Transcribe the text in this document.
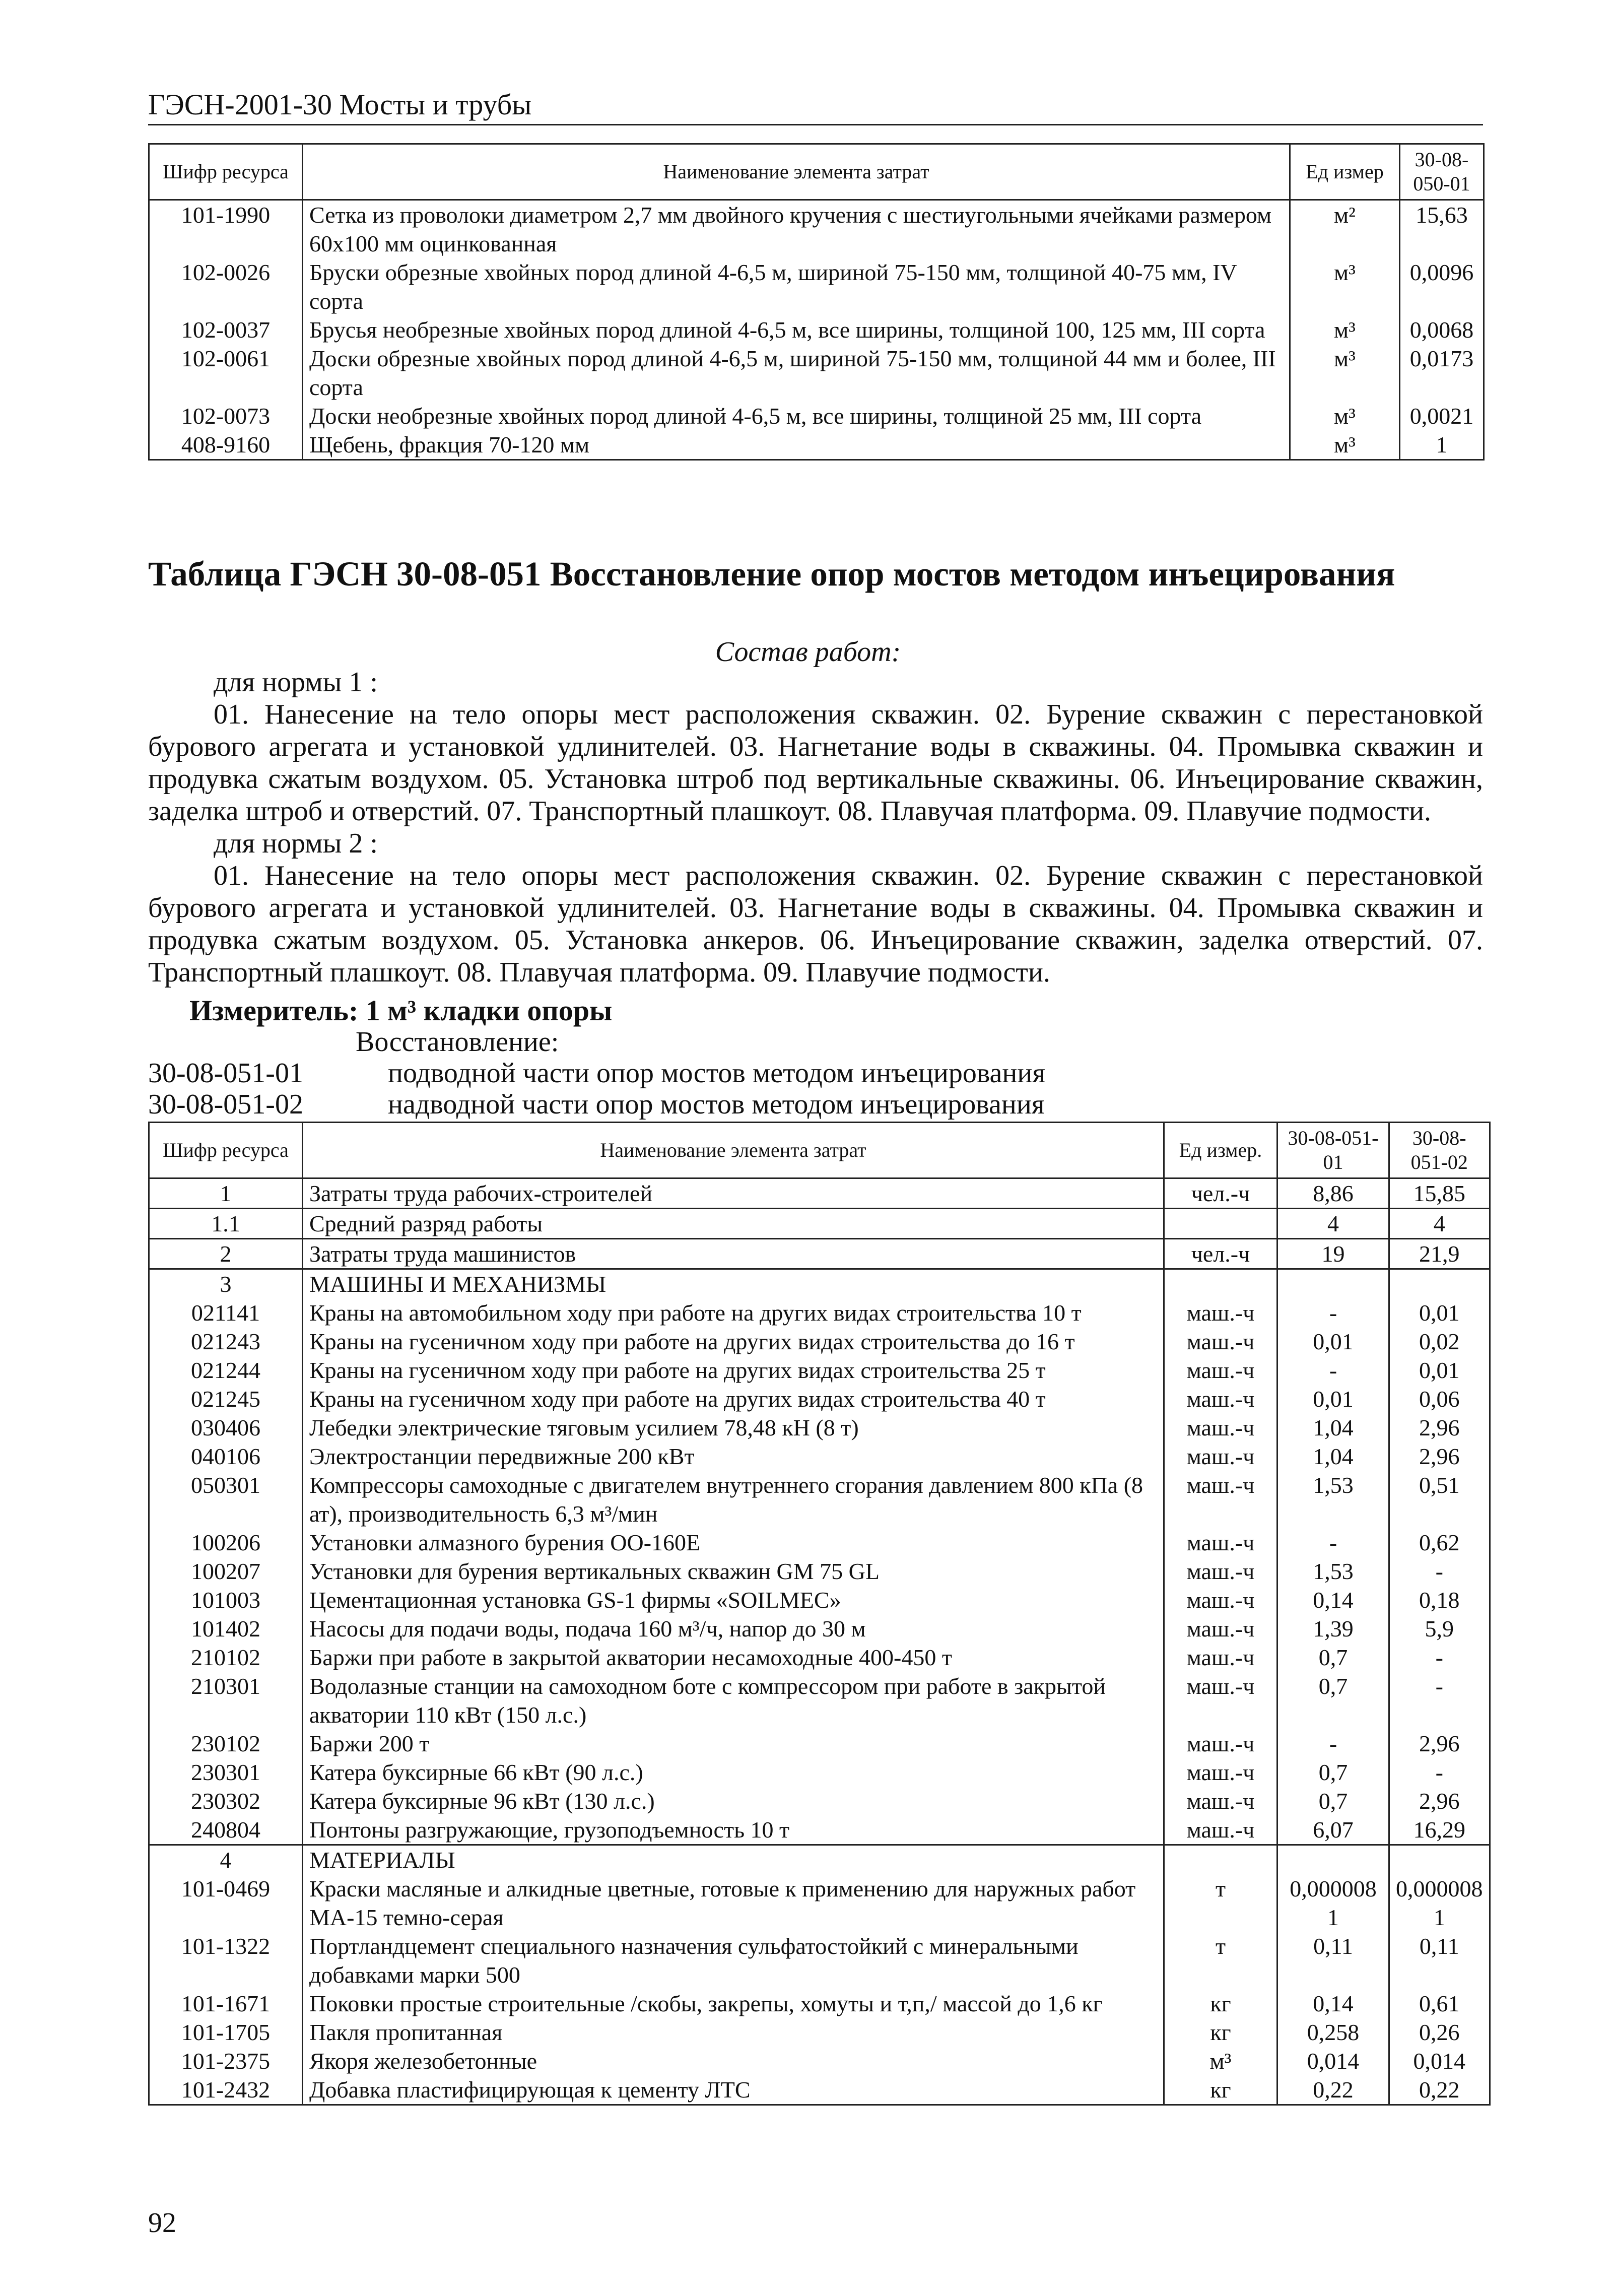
ГЭСН-2001-30 Мосты и трубы
Шифр ресурса	Наименование элемента затрат	Ед измер	30-08-050-01
101-1990	Сетка из проволоки диаметром 2,7 мм двойного кручения с шестиугольными ячейками размером 60х100 мм оцинкованная	м²	15,63
102-0026	Бруски обрезные хвойных пород длиной 4-6,5 м, шириной 75-150 мм, толщиной 40-75 мм, IV сорта	м³	0,0096
102-0037	Брусья необрезные хвойных пород длиной 4-6,5 м, все ширины, толщиной 100, 125 мм, III сорта	м³	0,0068
102-0061	Доски обрезные хвойных пород длиной 4-6,5 м, шириной 75-150 мм, толщиной 44 мм и более, III сорта	м³	0,0173
102-0073	Доски необрезные хвойных пород длиной 4-6,5 м, все ширины, толщиной 25 мм, III сорта	м³	0,0021
408-9160	Щебень, фракция 70-120 мм	м³	1
Таблица ГЭСН 30-08-051 Восстановление опор мостов методом инъецирования
Состав работ:
для нормы 1 :
01. Нанесение на тело опоры мест расположения скважин. 02. Бурение скважин с перестановкой бурового агрегата и установкой удлинителей. 03. Нагнетание воды в скважины. 04. Промывка скважин и продувка сжатым воздухом. 05. Установка штроб под вертикальные скважины. 06. Инъецирование скважин, заделка штроб и отверстий. 07. Транспортный плашкоут. 08. Плавучая платформа. 09. Плавучие подмости.
для нормы 2 :
01. Нанесение на тело опоры мест расположения скважин. 02. Бурение скважин с перестановкой бурового агрегата и установкой удлинителей. 03. Нагнетание воды в скважины. 04. Промывка скважин и продувка сжатым воздухом. 05. Установка анкеров. 06. Инъецирование скважин, заделка отверстий. 07. Транспортный плашкоут. 08. Плавучая платформа. 09. Плавучие подмости.
Измеритель: 1 м³ кладки опоры
Восстановление:
30-08-051-01	подводной части опор мостов методом инъецирования
30-08-051-02	надводной части опор мостов методом инъецирования
Шифр ресурса	Наименование элемента затрат	Ед измер.	30-08-051-01	30-08-051-02
1	Затраты труда рабочих-строителей	чел.-ч	8,86	15,85
1.1	Средний разряд работы		4	4
2	Затраты труда машинистов	чел.-ч	19	21,9
3	МАШИНЫ И МЕХАНИЗМЫ			
021141	Краны на автомобильном ходу при работе на других видах строительства 10 т	маш.-ч	-	0,01
021243	Краны на гусеничном ходу при работе на других видах строительства до 16 т	маш.-ч	0,01	0,02
021244	Краны на гусеничном ходу при работе на других видах строительства 25 т	маш.-ч	-	0,01
021245	Краны на гусеничном ходу при работе на других видах строительства 40 т	маш.-ч	0,01	0,06
030406	Лебедки электрические тяговым усилием 78,48 кН (8 т)	маш.-ч	1,04	2,96
040106	Электростанции передвижные 200 кВт	маш.-ч	1,04	2,96
050301	Компрессоры самоходные с двигателем внутреннего сгорания давлением 800 кПа (8 ат), производительность 6,3 м³/мин	маш.-ч	1,53	0,51
100206	Установки алмазного бурения ОО-160Е	маш.-ч	-	0,62
100207	Установки для бурения вертикальных скважин GM 75 GL	маш.-ч	1,53	-
101003	Цементационная установка GS-1 фирмы «SOILMEC»	маш.-ч	0,14	0,18
101402	Насосы для подачи воды, подача 160 м³/ч, напор до 30 м	маш.-ч	1,39	5,9
210102	Баржи при работе в закрытой акватории несамоходные 400-450 т	маш.-ч	0,7	-
210301	Водолазные станции на самоходном боте с компрессором при работе в закрытой акватории 110 кВт (150 л.с.)	маш.-ч	0,7	-
230102	Баржи 200 т	маш.-ч	-	2,96
230301	Катера буксирные 66 кВт (90 л.с.)	маш.-ч	0,7	-
230302	Катера буксирные 96 кВт (130 л.с.)	маш.-ч	0,7	2,96
240804	Понтоны разгружающие, грузоподъемность 10 т	маш.-ч	6,07	16,29
4	МАТЕРИАЛЫ			
101-0469	Краски масляные и алкидные цветные, готовые к применению для наружных работ МА-15 темно-серая	т	0,000008 1	0,000008 1
101-1322	Портландцемент специального назначения сульфатостойкий с минеральными добавками марки 500	т	0,11	0,11
101-1671	Поковки простые строительные /скобы, закрепы, хомуты и т,п,/ массой до 1,6 кг	кг	0,14	0,61
101-1705	Пакля пропитанная	кг	0,258	0,26
101-2375	Якоря железобетонные	м³	0,014	0,014
101-2432	Добавка пластифицирующая к цементу ЛТС	кг	0,22	0,22
92
